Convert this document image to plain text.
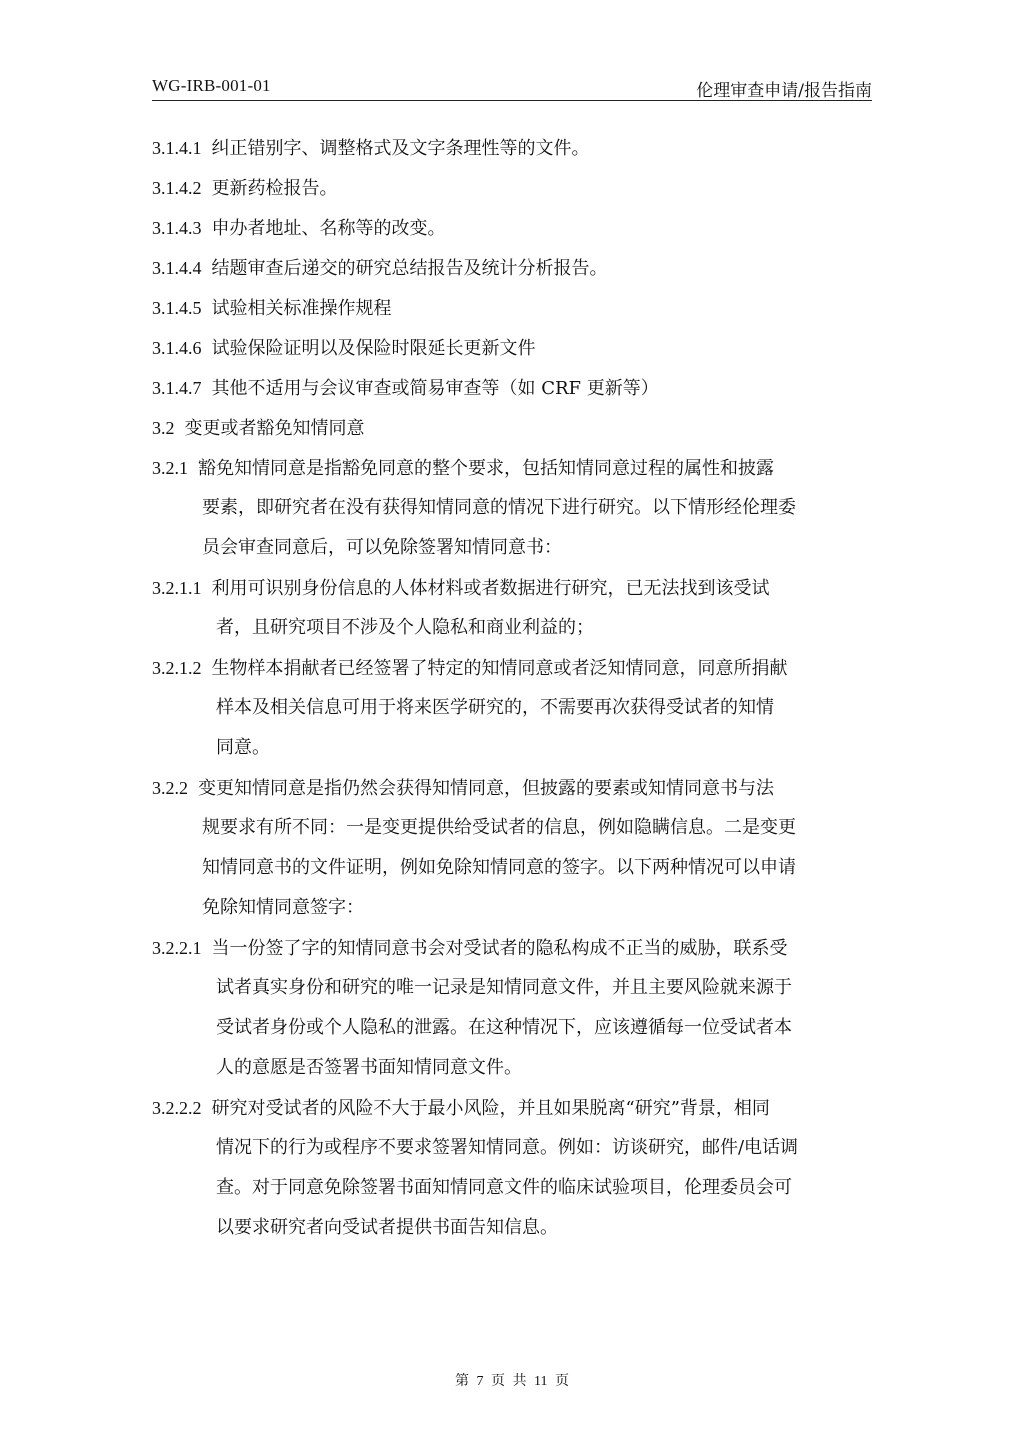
WG-IRB-001-01	伦理审查申请/报告指南
3.1.4.1 纠正错别字、调整格式及文字条理性等的文件。
3.1.4.2 更新药检报告。
3.1.4.3 申办者地址、名称等的改变。
3.1.4.4 结题审查后递交的研究总结报告及统计分析报告。
3.1.4.5 试验相关标准操作规程
3.1.4.6 试验保险证明以及保险时限延长更新文件
3.1.4.7 其他不适用与会议审查或简易审查等（如 CRF 更新等）
3.2 变更或者豁免知情同意
3.2.1 豁免知情同意是指豁免同意的整个要求，包括知情同意过程的属性和披露
要素，即研究者在没有获得知情同意的情况下进行研究。以下情形经伦理委
员会审查同意后，可以免除签署知情同意书：
3.2.1.1 利用可识别身份信息的人体材料或者数据进行研究，已无法找到该受试
者，且研究项目不涉及个人隐私和商业利益的；
3.2.1.2 生物样本捐献者已经签署了特定的知情同意或者泛知情同意，同意所捐献
样本及相关信息可用于将来医学研究的，不需要再次获得受试者的知情
同意。
3.2.2 变更知情同意是指仍然会获得知情同意，但披露的要素或知情同意书与法
规要求有所不同：一是变更提供给受试者的信息，例如隐瞒信息。二是变更
知情同意书的文件证明，例如免除知情同意的签字。以下两种情况可以申请
免除知情同意签字：
3.2.2.1 当一份签了字的知情同意书会对受试者的隐私构成不正当的威胁，联系受
试者真实身份和研究的唯一记录是知情同意文件，并且主要风险就来源于
受试者身份或个人隐私的泄露。在这种情况下，应该遵循每一位受试者本
人的意愿是否签署书面知情同意文件。
3.2.2.2 研究对受试者的风险不大于最小风险，并且如果脱离“研究”背景，相同
情况下的行为或程序不要求签署知情同意。例如：访谈研究，邮件/电话调
查。对于同意免除签署书面知情同意文件的临床试验项目，伦理委员会可
以要求研究者向受试者提供书面告知信息。
第 7 页 共 11 页
